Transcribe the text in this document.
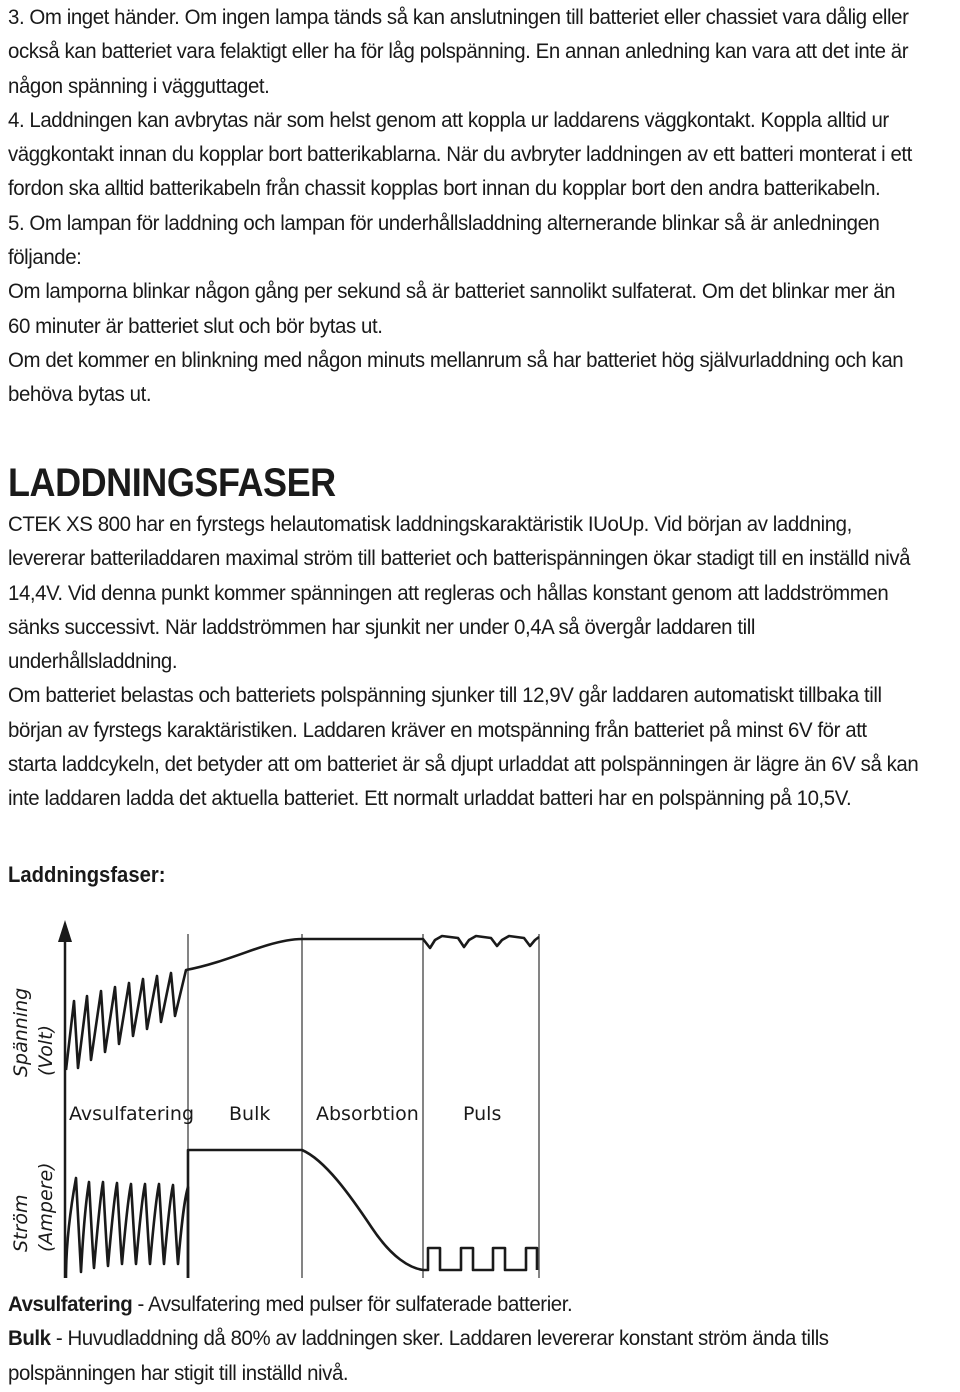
3. Om inget händer. Om ingen lampa tänds så kan anslutningen till batteriet eller chassiet vara dålig eller också kan batteriet vara felaktigt eller ha för låg polspänning. En annan anledning kan vara att det inte är någon spänning i vägguttaget.
4. Laddningen kan avbrytas när som helst genom att koppla ur laddarens väggkontakt. Koppla alltid ur väggkontakt innan du kopplar bort batterikablarna. När du avbryter laddningen av ett batteri monterat i ett fordon ska alltid batterikabeln från chassit kopplas bort innan du kopplar bort den andra batterikabeln.
5. Om lampan för laddning och lampan för underhållsladdning alternerande blinkar så är anledningen följande:
Om lamporna blinkar någon gång per sekund så är batteriet sannolikt sulfaterat. Om det blinkar mer än 60 minuter är batteriet slut och bör bytas ut.
Om det kommer en blinkning med någon minuts mellanrum så har batteriet hög självurladdning och kan behöva bytas ut.
LADDNINGSFASER
CTEK XS 800 har en fyrstegs helautomatisk laddningskaraktäristik IUoUp. Vid början av laddning, levererar batteriladdaren maximal ström till batteriet och batterispänningen ökar stadigt till en inställd nivå 14,4V. Vid denna punkt kommer spänningen att regleras och hållas konstant genom att laddströmmen sänks successivt. När laddströmmen har sjunkit ner under 0,4A så övergår laddaren till underhållsladdning.
Om batteriet belastas och batteriets polspänning sjunker till 12,9V går laddaren automatiskt tillbaka till början av fyrstegs karaktäristiken. Laddaren kräver en motspänning från batteriet på minst 6V för att starta laddcykeln, det betyder att om batteriet är så djupt urladdat att polspänningen är lägre än 6V så kan inte laddaren ladda det aktuella batteriet. Ett normalt urladdat batteri har en polspänning på 10,5V.
Laddningsfaser:
Spänning (Volt)
Ström (Ampere)
Avsulfatering Bulk Absorbtion Puls
Avsulfatering - Avsulfatering med pulser för sulfaterade batterier.
Bulk - Huvudladdning då 80% av laddningen sker. Laddaren levererar konstant ström ända tills polspänningen har stigit till inställd nivå.
